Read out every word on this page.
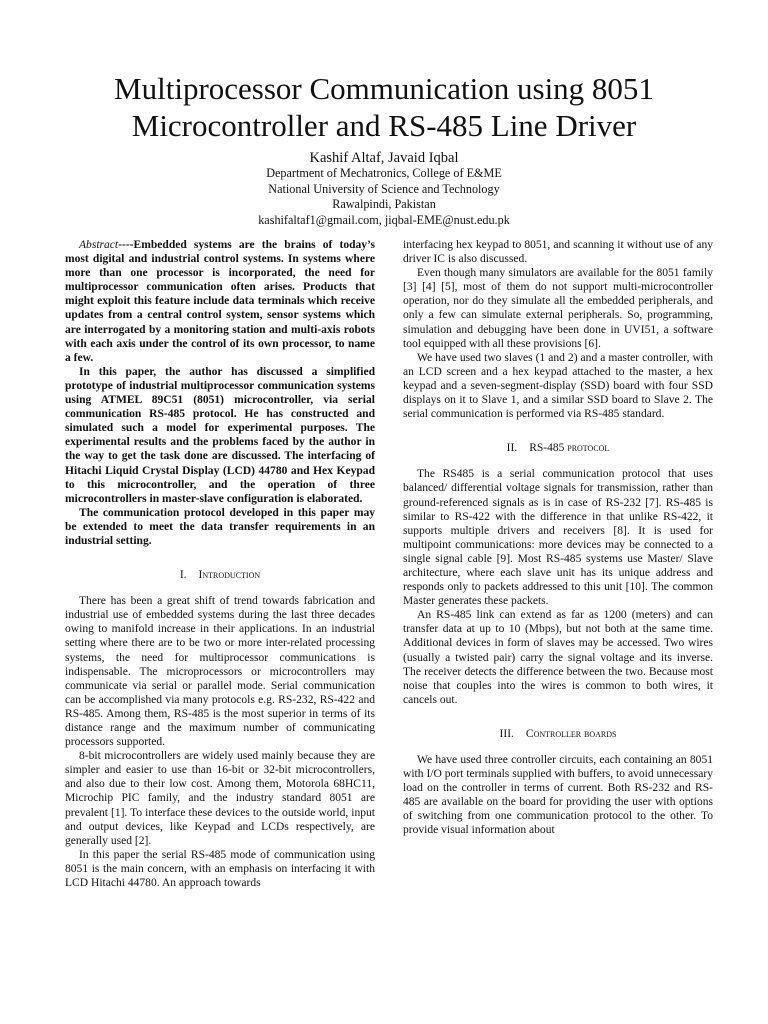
Multiprocessor Communication using 8051 Microcontroller and RS-485 Line Driver
Kashif Altaf, Javaid Iqbal
Department of Mechatronics, College of E&ME
National University of Science and Technology
Rawalpindi, Pakistan
kashifaltaf1@gmail.com, jiqbal-EME@nust.edu.pk

Abstract----Embedded systems are the brains of today’s most digital and industrial control systems. In systems where more than one processor is incorporated, the need for multiprocessor communication often arises. Products that might exploit this feature include data terminals which receive updates from a central control system, sensor systems which are interrogated by a monitoring station and multi-axis robots with each axis under the control of its own processor, to name a few.

In this paper, the author has discussed a simplified prototype of industrial multiprocessor communication systems using ATMEL 89C51 (8051) microcontroller, via serial communication RS-485 protocol. He has constructed and simulated such a model for experimental purposes. The experimental results and the problems faced by the author in the way to get the task done are discussed. The interfacing of Hitachi Liquid Crystal Display (LCD) 44780 and Hex Keypad to this microcontroller, and the operation of three microcontrollers in master-slave configuration is elaborated.

The communication protocol developed in this paper may be extended to meet the data transfer requirements in an industrial setting.

I. Introduction

There has been a great shift of trend towards fabrication and industrial use of embedded systems during the last three decades owing to manifold increase in their applications. In an industrial setting where there are to be two or more inter-related processing systems, the need for multiprocessor communications is indispensable. The microprocessors or microcontrollers may communicate via serial or parallel mode. Serial communication can be accomplished via many protocols e.g. RS-232, RS-422 and RS-485. Among them, RS-485 is the most superior in terms of its distance range and the maximum number of communicating processors supported.

8-bit microcontrollers are widely used mainly because they are simpler and easier to use than 16-bit or 32-bit microcontrollers, and also due to their low cost. Among them, Motorola 68HC11, Microchip PIC family, and the industry standard 8051 are prevalent [1]. To interface these devices to the outside world, input and output devices, like Keypad and LCDs respectively, are generally used [2].

In this paper the serial RS-485 mode of communication using 8051 is the main concern, with an emphasis on interfacing it with LCD Hitachi 44780. An approach towards

interfacing hex keypad to 8051, and scanning it without use of any driver IC is also discussed.

Even though many simulators are available for the 8051 family [3] [4] [5], most of them do not support multi-microcontroller operation, nor do they simulate all the embedded peripherals, and only a few can simulate external peripherals. So, programming, simulation and debugging have been done in UVI51, a software tool equipped with all these provisions [6].

We have used two slaves (1 and 2) and a master controller, with an LCD screen and a hex keypad attached to the master, a hex keypad and a seven-segment-display (SSD) board with four SSD displays on it to Slave 1, and a similar SSD board to Slave 2. The serial communication is performed via RS-485 standard.

II. RS-485 protocol

The RS485 is a serial communication protocol that uses balanced/ differential voltage signals for transmission, rather than ground-referenced signals as is in case of RS-232 [7]. RS-485 is similar to RS-422 with the difference in that unlike RS-422, it supports multiple drivers and receivers [8]. It is used for multipoint communications: more devices may be connected to a single signal cable [9]. Most RS-485 systems use Master/ Slave architecture, where each slave unit has its unique address and responds only to packets addressed to this unit [10]. The common Master generates these packets.

An RS-485 link can extend as far as 1200 (meters) and can transfer data at up to 10 (Mbps), but not both at the same time. Additional devices in form of slaves may be accessed. Two wires (usually a twisted pair) carry the signal voltage and its inverse. The receiver detects the difference between the two. Because most noise that couples into the wires is common to both wires, it cancels out.

III. Controller boards

We have used three controller circuits, each containing an 8051 with I/O port terminals supplied with buffers, to avoid unnecessary load on the controller in terms of current. Both RS-232 and RS-485 are available on the board for providing the user with options of switching from one communication protocol to the other. To provide visual information about
